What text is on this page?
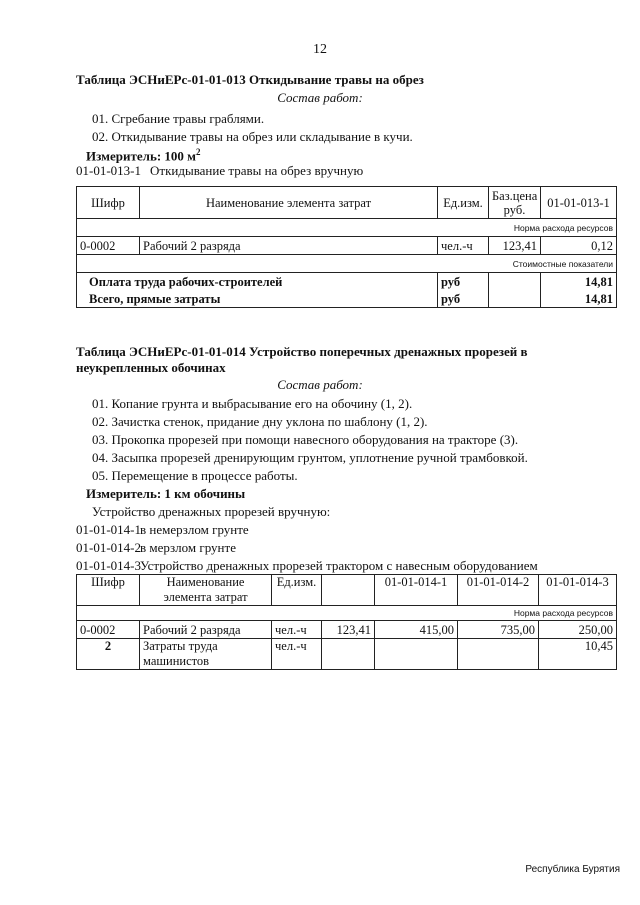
12
Таблица ЭСНиЕРс-01-01-013 Откидывание травы на обрез
Состав работ:
01. Сгребание травы граблями.
02. Откидывание травы на обрез или складывание в кучи.
Измеритель: 100 $м^2$
01-01-013-1 Откидывание травы на обрез вручную
Шифр	Наименование элемента затрат	Ед.изм.	Баз.цена руб.	01-01-013-1
Норма расхода ресурсов				
0-0002	Рабочий 2 разряда	чел.-ч	123,41	0,12
Стоимостные показатели				
Оплата труда рабочих-строителей		руб		14,81
Всего, прямые затраты		руб		14,81
Таблица ЭСНиЕРс-01-01-014 Устройство поперечных дренажных прорезей в
неукрепленных обочинах
Состав работ:
01. Копание грунта и выбрасывание его на обочину (1, 2).
02. Зачистка стенок, придание дну уклона по шаблону (1, 2).
03. Прокопка прорезей при помощи навесного оборудования на тракторе (3).
04. Засыпка прорезей дренирующим грунтом, уплотнение ручной трамбовкой.
05. Перемещение в процессе работы.
Измеритель: 1 км обочины
Устройство дренажных прорезей вручную:
01-01-014-1в немерзлом грунте
01-01-014-2в мерзлом грунте
01-01-014-3Устройство дренажных прорезей трактором с навесным оборудованием
Шифр	Наименование
элемента затрат	Ед.изм.		01-01-014-1	01-01-014-2	01-01-014-3
Норма расхода ресурсов						
0-0002	Рабочий 2 разряда	чел.-ч	123,41	415,00	735,00	250,00
2	Затраты труда
машинистов	чел.-ч				10,45
Республика Бурятия
